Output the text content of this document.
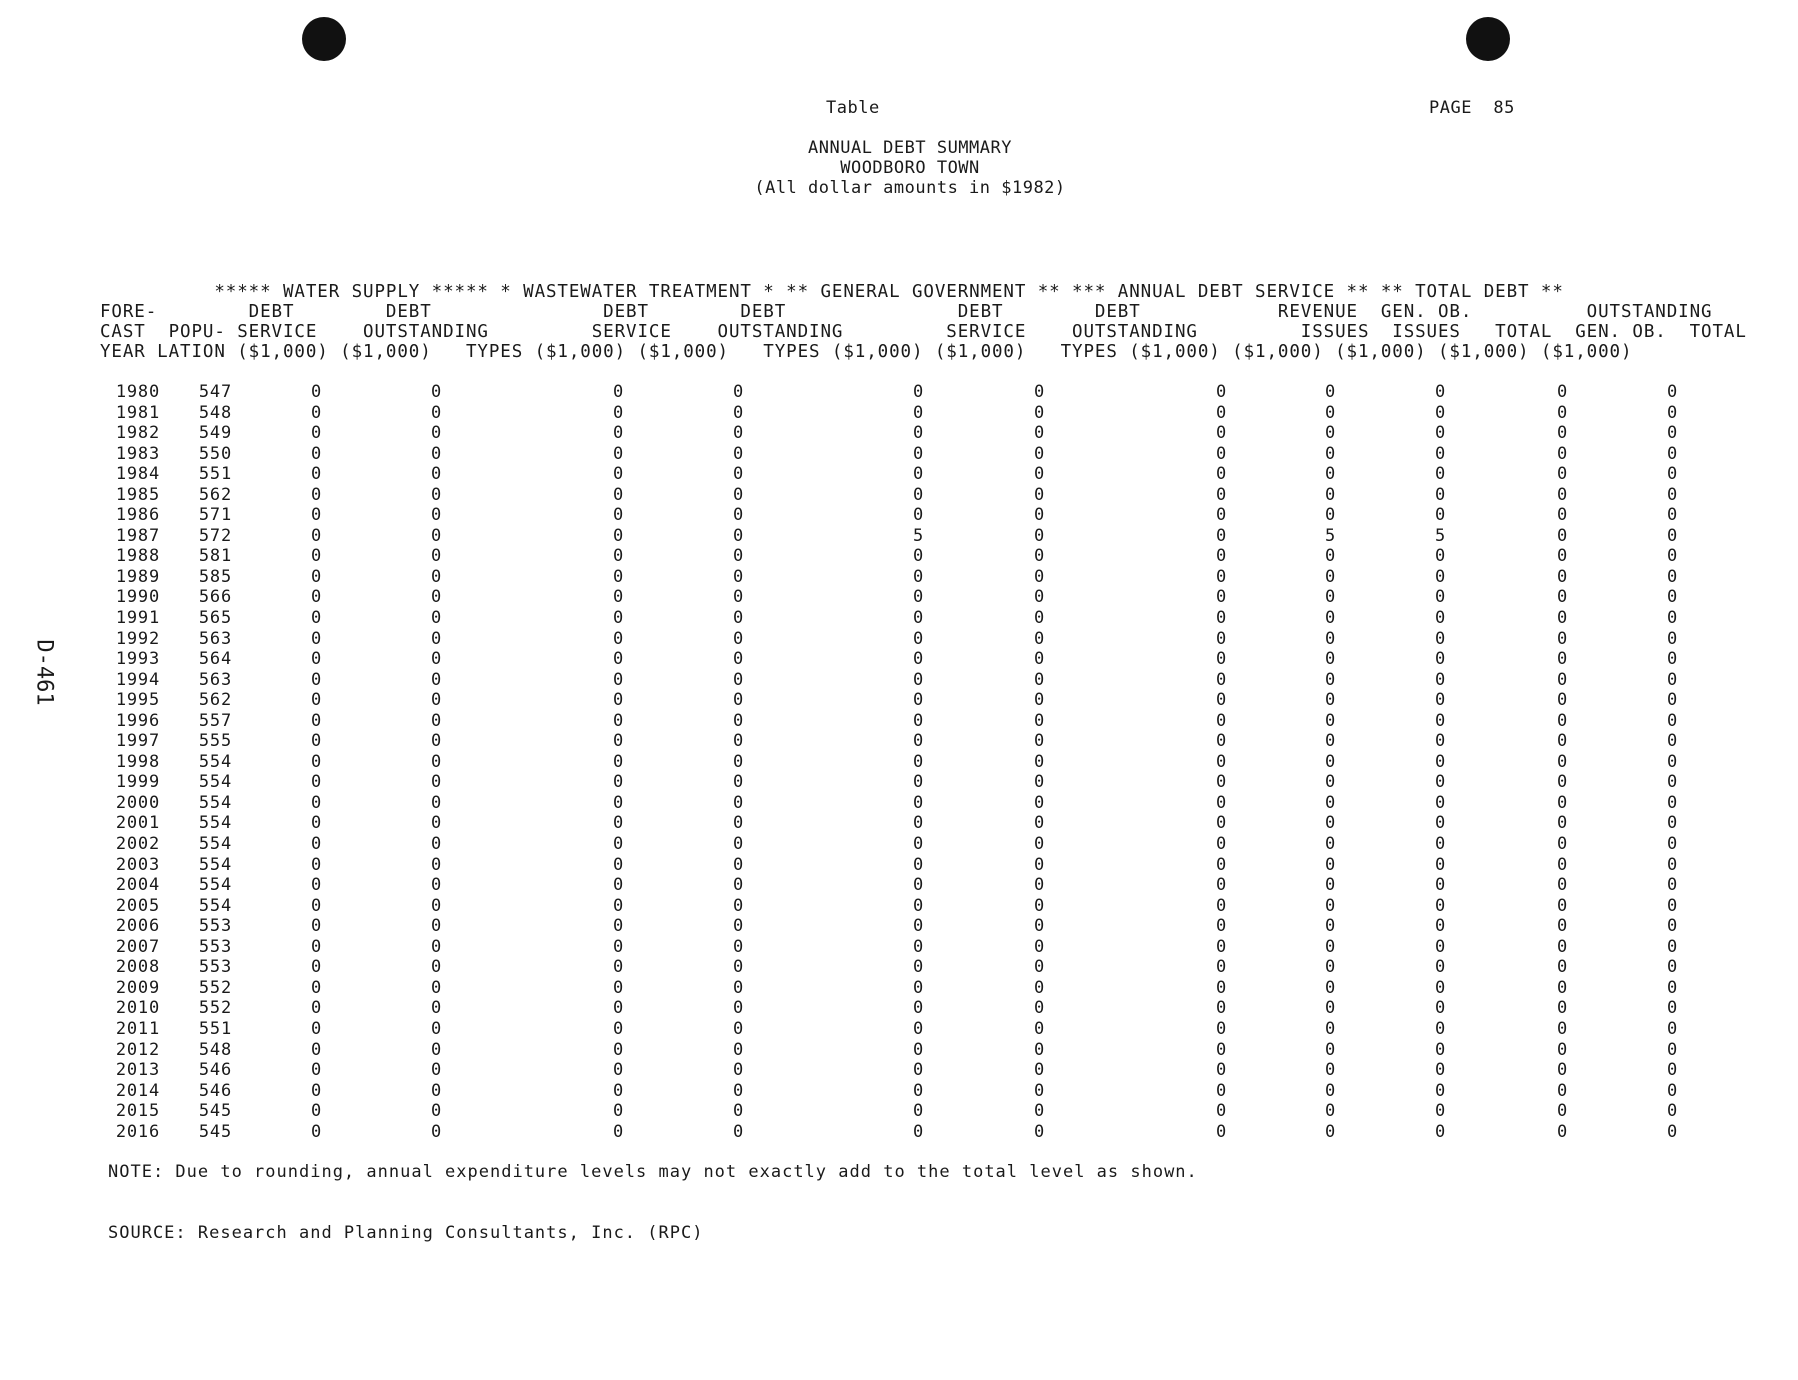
D-461
Table	PAGE  85
ANNUAL DEBT SUMMARY
WOODBORO TOWN
(All dollar amounts in $1982)
***** WATER SUPPLY ***** * WASTEWATER TREATMENT * ** GENERAL GOVERNMENT ** *** ANNUAL DEBT SERVICE ** ** TOTAL DEBT **
FORE-        DEBT        DEBT               DEBT        DEBT               DEBT        DEBT            REVENUE  GEN. OB.          OUTSTANDING
CAST  POPU- SERVICE    OUTSTANDING         SERVICE    OUTSTANDING         SERVICE    OUTSTANDING         ISSUES  ISSUES   TOTAL  GEN. OB.  TOTAL
YEAR LATION ($1,000) ($1,000)   TYPES ($1,000) ($1,000)   TYPES ($1,000) ($1,000)   TYPES ($1,000) ($1,000) ($1,000) ($1,000) ($1,000)
1980	547	0	0	0	0	0	0	0	0	0	0	0
1981	548	0	0	0	0	0	0	0	0	0	0	0
1982	549	0	0	0	0	0	0	0	0	0	0	0
1983	550	0	0	0	0	0	0	0	0	0	0	0
1984	551	0	0	0	0	0	0	0	0	0	0	0
1985	562	0	0	0	0	0	0	0	0	0	0	0
1986	571	0	0	0	0	0	0	0	0	0	0	0
1987	572	0	0	0	0	5	0	0	5	5	0	0
1988	581	0	0	0	0	0	0	0	0	0	0	0
1989	585	0	0	0	0	0	0	0	0	0	0	0
1990	566	0	0	0	0	0	0	0	0	0	0	0
1991	565	0	0	0	0	0	0	0	0	0	0	0
1992	563	0	0	0	0	0	0	0	0	0	0	0
1993	564	0	0	0	0	0	0	0	0	0	0	0
1994	563	0	0	0	0	0	0	0	0	0	0	0
1995	562	0	0	0	0	0	0	0	0	0	0	0
1996	557	0	0	0	0	0	0	0	0	0	0	0
1997	555	0	0	0	0	0	0	0	0	0	0	0
1998	554	0	0	0	0	0	0	0	0	0	0	0
1999	554	0	0	0	0	0	0	0	0	0	0	0
2000	554	0	0	0	0	0	0	0	0	0	0	0
2001	554	0	0	0	0	0	0	0	0	0	0	0
2002	554	0	0	0	0	0	0	0	0	0	0	0
2003	554	0	0	0	0	0	0	0	0	0	0	0
2004	554	0	0	0	0	0	0	0	0	0	0	0
2005	554	0	0	0	0	0	0	0	0	0	0	0
2006	553	0	0	0	0	0	0	0	0	0	0	0
2007	553	0	0	0	0	0	0	0	0	0	0	0
2008	553	0	0	0	0	0	0	0	0	0	0	0
2009	552	0	0	0	0	0	0	0	0	0	0	0
2010	552	0	0	0	0	0	0	0	0	0	0	0
2011	551	0	0	0	0	0	0	0	0	0	0	0
2012	548	0	0	0	0	0	0	0	0	0	0	0
2013	546	0	0	0	0	0	0	0	0	0	0	0
2014	546	0	0	0	0	0	0	0	0	0	0	0
2015	545	0	0	0	0	0	0	0	0	0	0	0
2016	545	0	0	0	0	0	0	0	0	0	0	0
NOTE: Due to rounding, annual expenditure levels may not exactly add to the total level as shown.
SOURCE: Research and Planning Consultants, Inc. (RPC)
